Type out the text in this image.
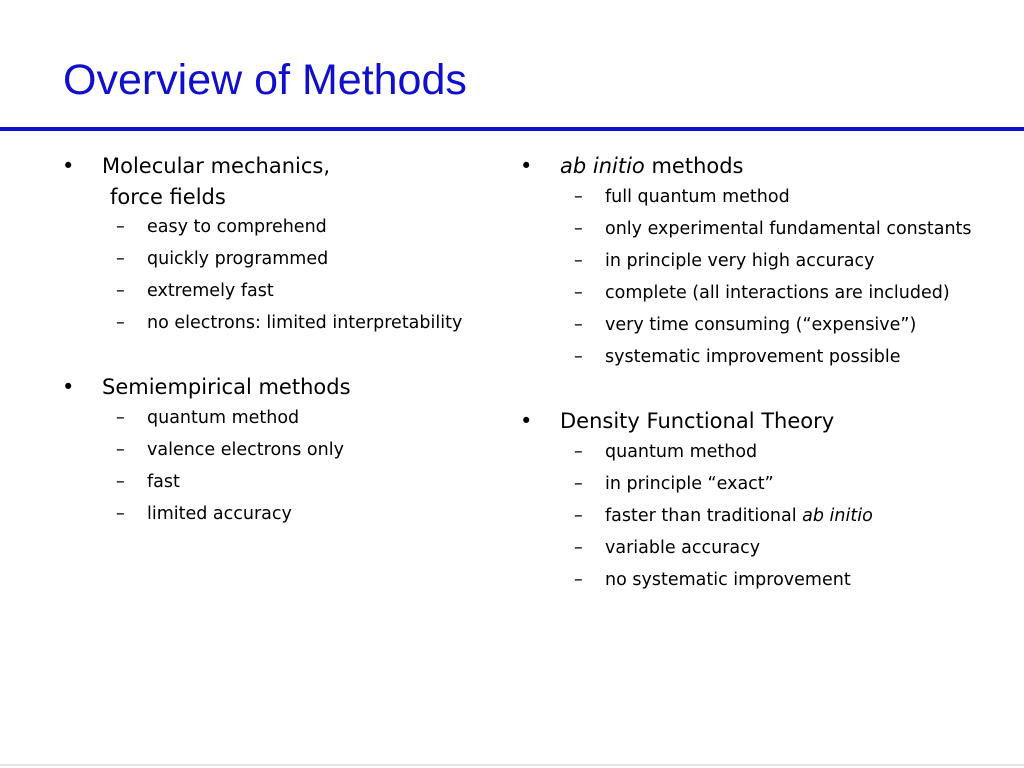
Overview of Methods
• Molecular mechanics,
force fields
– easy to comprehend
– quickly programmed
– extremely fast
– no electrons: limited interpretability
• Semiempirical methods
– quantum method
– valence electrons only
– fast
– limited accuracy
• ab initio methods
– full quantum method
– only experimental fundamental constants
– in principle very high accuracy
– complete (all interactions are included)
– very time consuming (“expensive”)
– systematic improvement possible
• Density Functional Theory
– quantum method
– in principle “exact”
– faster than traditional ab initio
– variable accuracy
– no systematic improvement
